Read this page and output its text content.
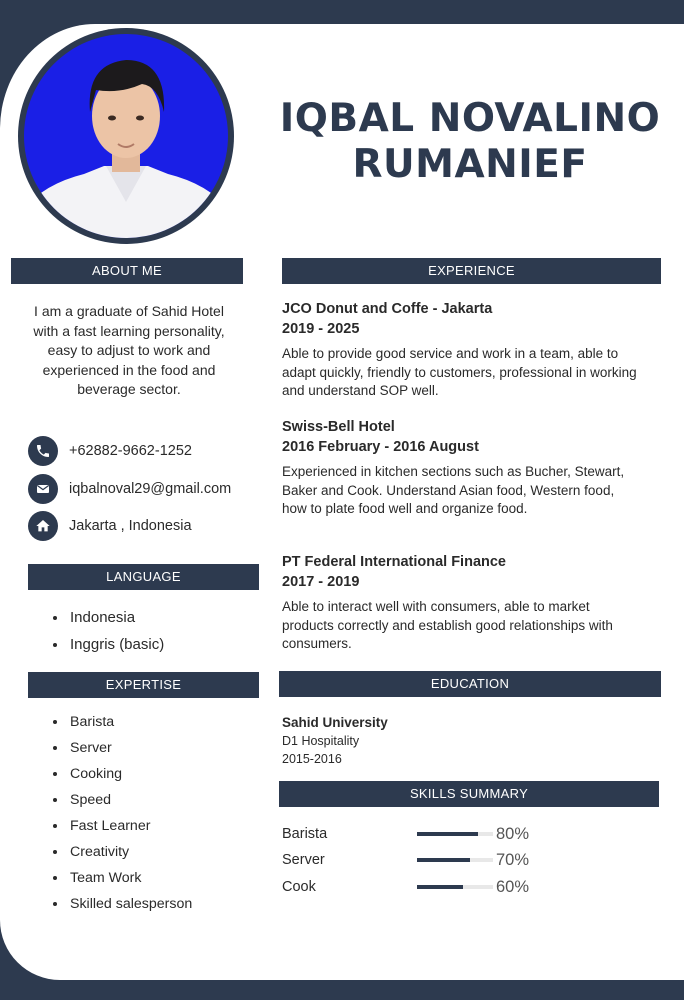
IQBAL NOVALINO
RUMANIEF
ABOUT ME
I am a graduate of Sahid Hotel with a fast learning personality, easy to adjust to work and experienced in the food and beverage sector.
+62882-9662-1252
iqbalnoval29@gmail.com
Jakarta , Indonesia
LANGUAGE
• Indonesia
• Inggris (basic)
EXPERTISE
• Barista
• Server
• Cooking
• Speed
• Fast Learner
• Creativity
• Team Work
• Skilled salesperson
EXPERIENCE
JCO Donut and Coffe - Jakarta
2019 - 2025
Able to provide good service and work in a team, able to adapt quickly, friendly to customers, professional in working and understand SOP well.
Swiss-Bell Hotel
2016 February - 2016 August
Experienced in kitchen sections such as Bucher, Stewart, Baker and Cook. Understand Asian food, Western food, how to plate food well and organize food.
PT Federal International Finance
2017 - 2019
Able to interact well with consumers, able to market products correctly and establish good relationships with consumers.
EDUCATION
Sahid University
D1 Hospitality
2015-2016
SKILLS SUMMARY
Barista	80%
Server	70%
Cook	60%
